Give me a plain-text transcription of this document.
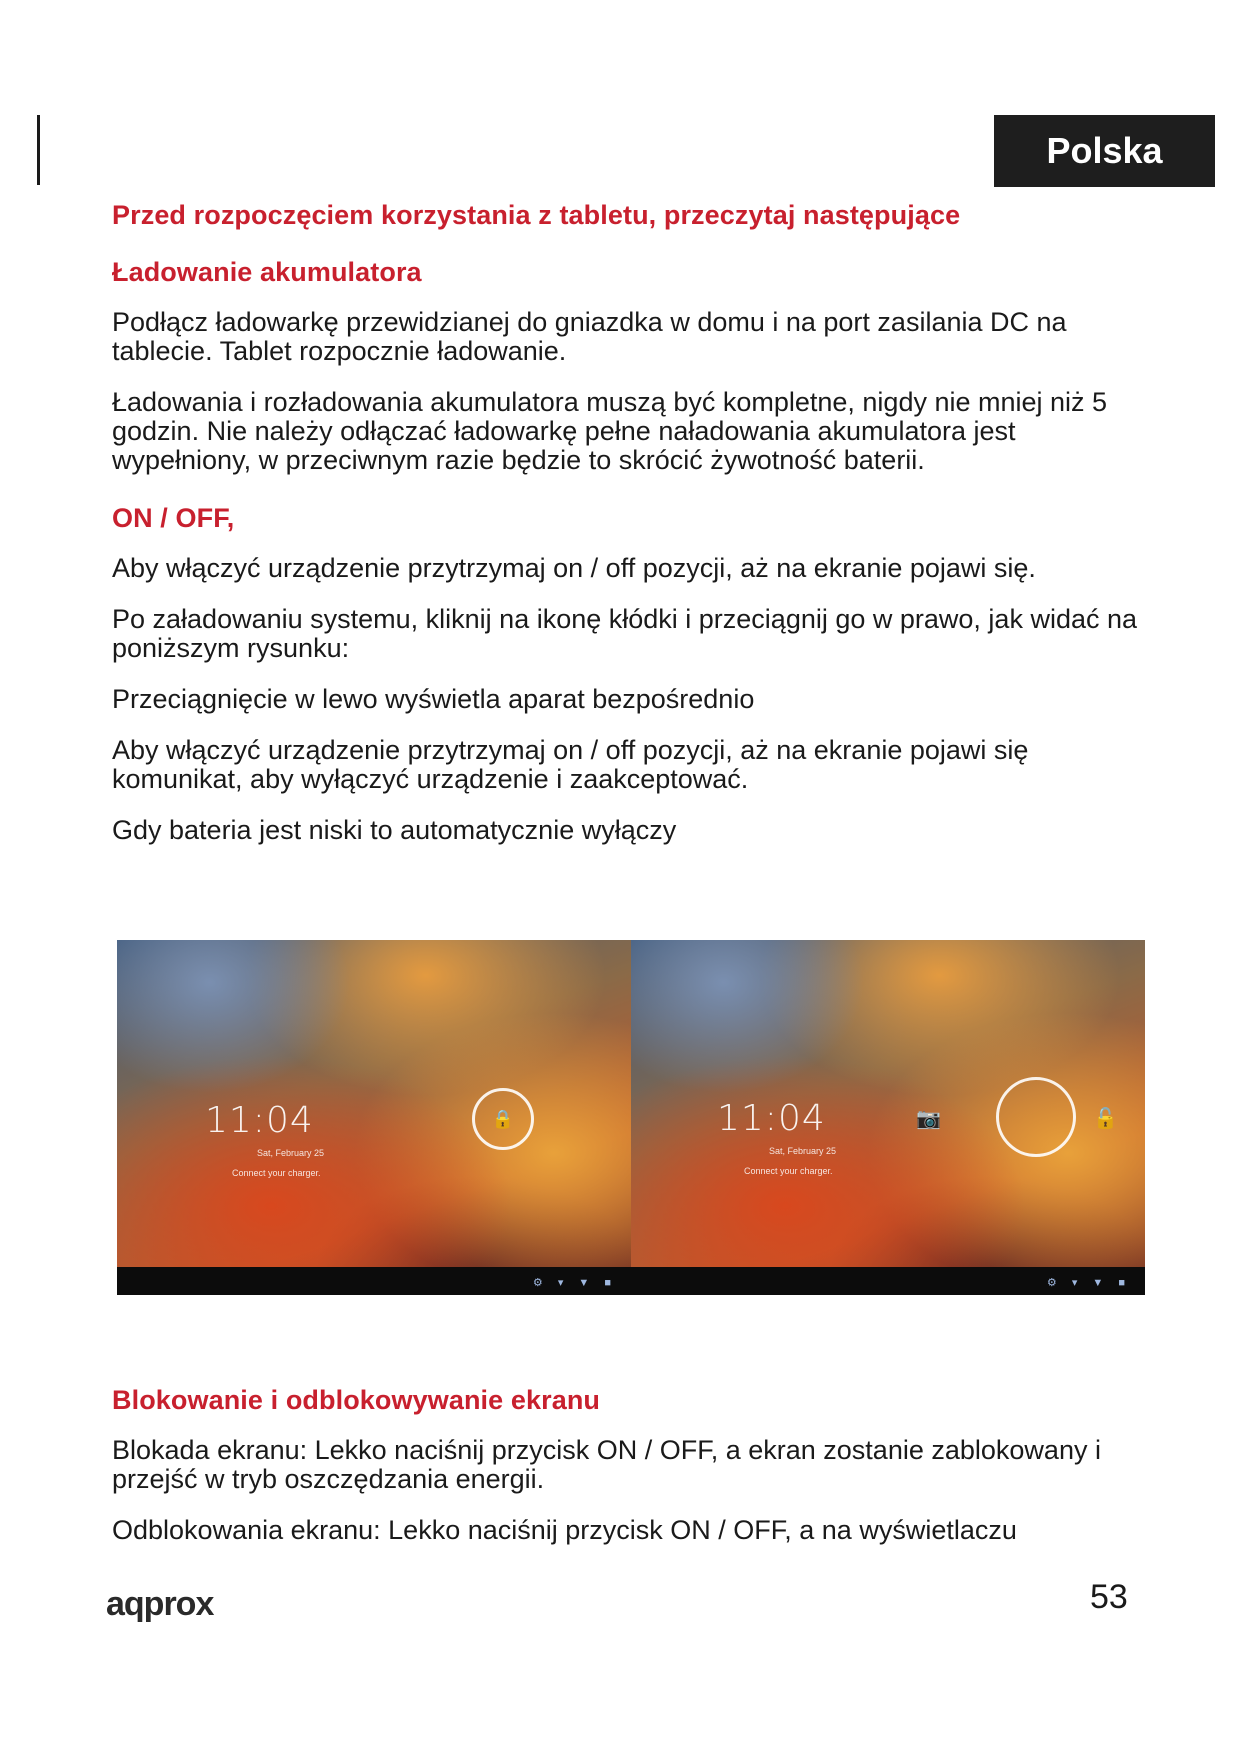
Polska
Przed rozpoczęciem korzystania z tabletu, przeczytaj następujące
Ładowanie akumulatora

Podłącz ładowarkę przewidzianej do gniazdka w domu i na port zasilania DC na tablecie. Tablet rozpocznie ładowanie.

Ładowania i rozładowania akumulatora muszą być kompletne, nigdy nie mniej niż 5 godzin. Nie należy odłączać ładowarkę pełne naładowania akumulatora jest wypełniony, w przeciwnym razie będzie to skrócić żywotność baterii.

ON / OFF,

Aby włączyć urządzenie przytrzymaj on / off pozycji, aż na ekranie pojawi się.

Po załadowaniu systemu, kliknij na ikonę kłódki i przeciągnij go w prawo, jak widać na poniższym rysunku:

Przeciągnięcie w lewo wyświetla aparat bezpośrednio

Aby włączyć urządzenie przytrzymaj on / off pozycji, aż na ekranie pojawi się komunikat, aby wyłączyć urządzenie i zaakceptować.

Gdy bateria jest niski to automatycznie wyłączy

11:04
Sat, February 25
Connect your charger.
🔒
⚙ ▾ ▼ ■
11:04
Sat, February 25
Connect your charger.
📷	🔓
⚙ ▾ ▼ ■
Blokowanie i odblokowywanie ekranu

Blokada ekranu: Lekko naciśnij przycisk ON / OFF, a ekran zostanie zablokowany i przejść w tryb oszczędzania energii.

Odblokowania ekranu: Lekko naciśnij przycisk ON / OFF, a na wyświetlaczu

aqprox	53
